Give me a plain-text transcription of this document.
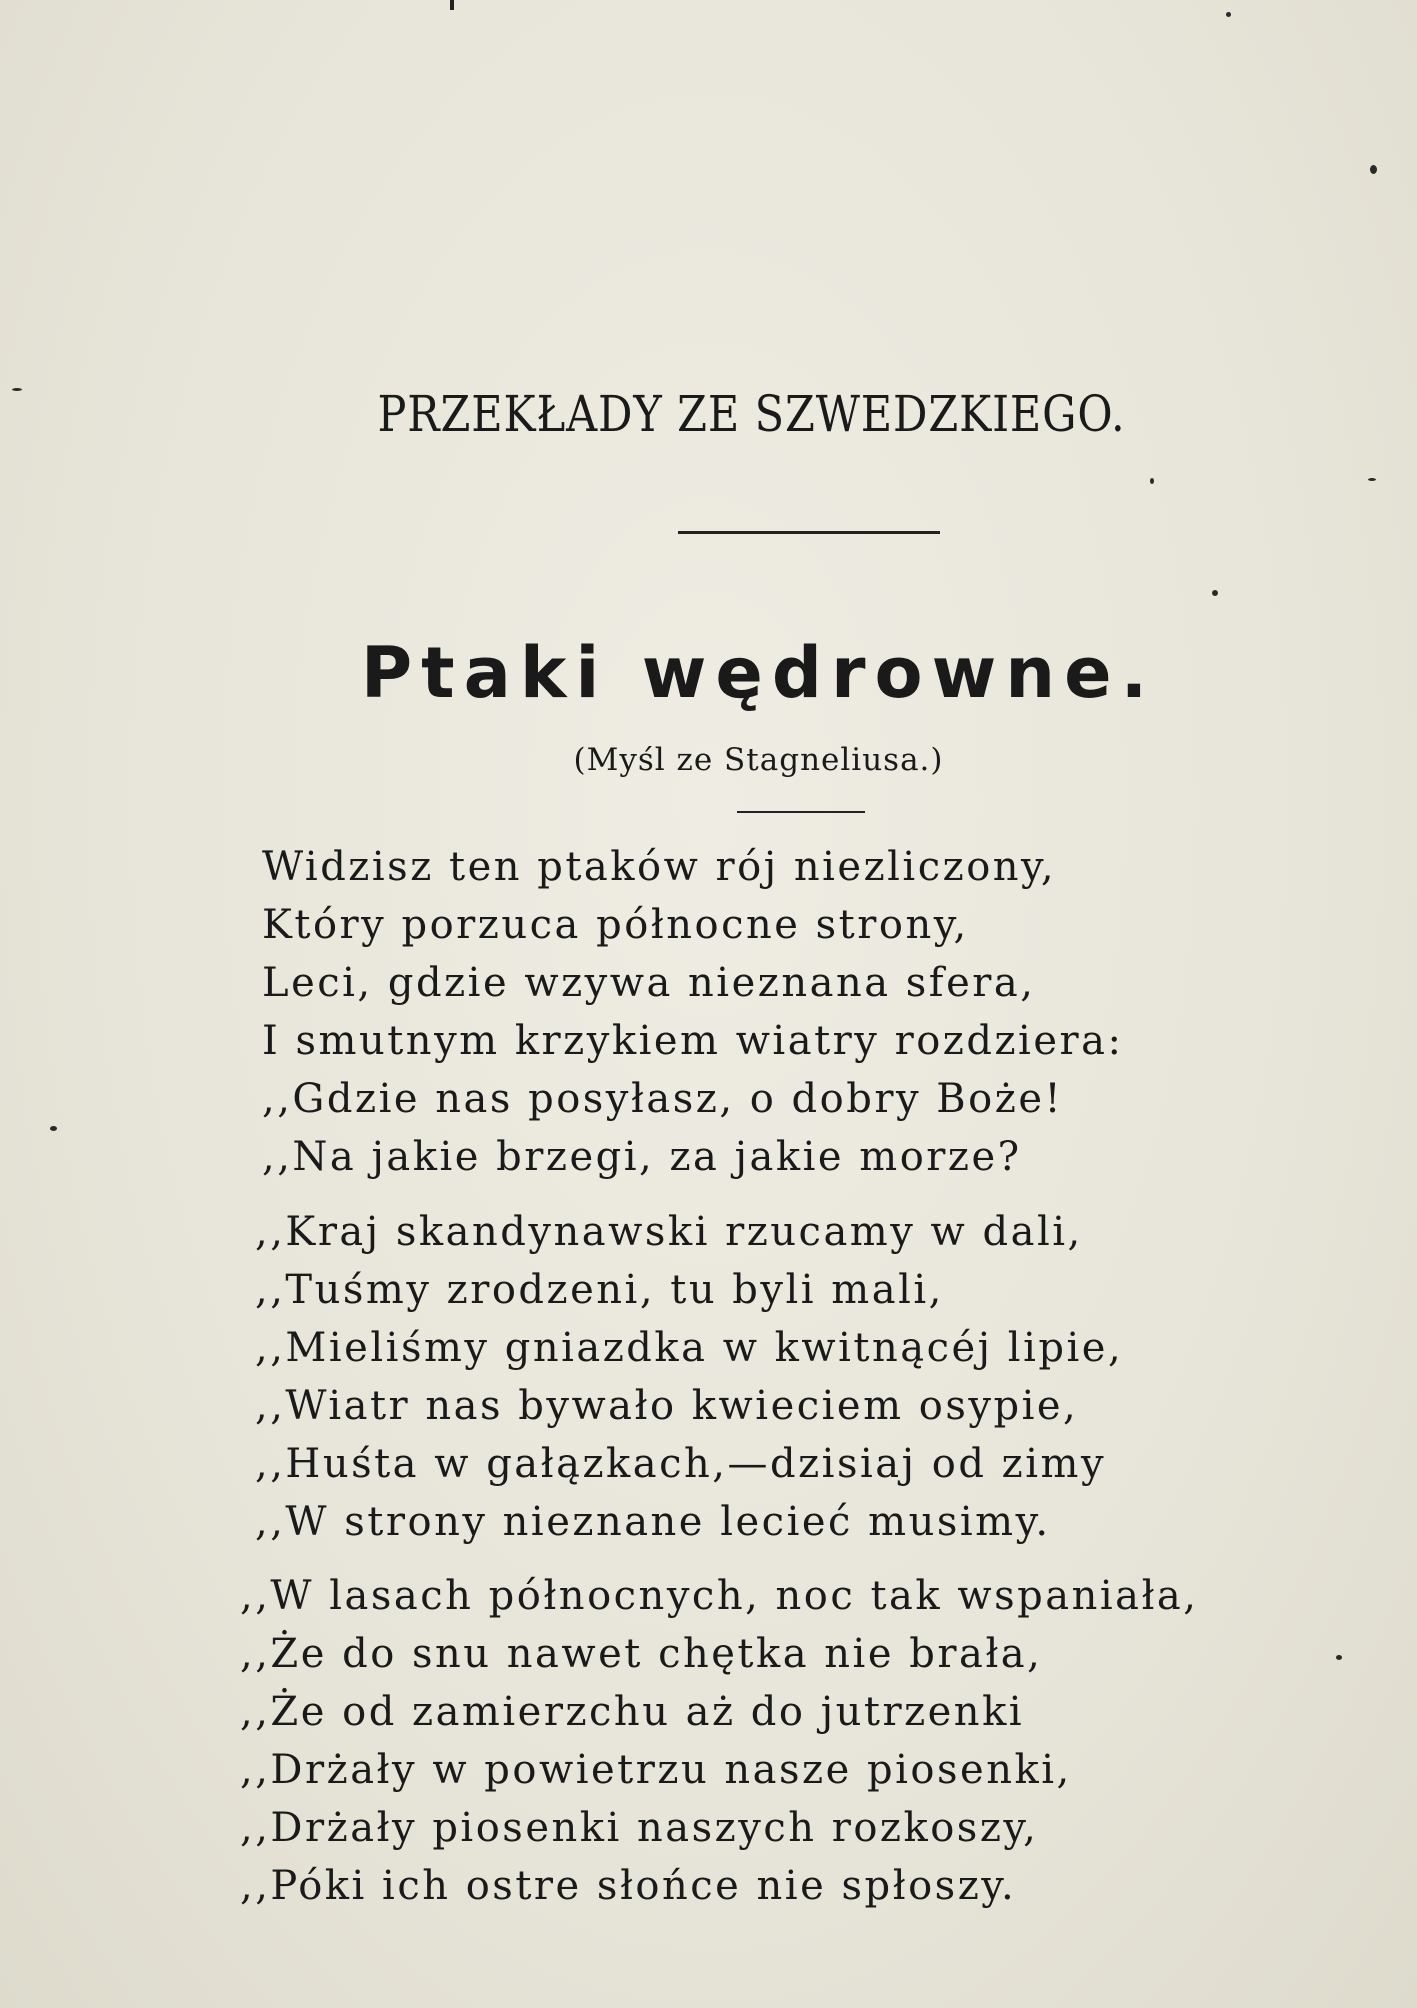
PRZEKŁADY ZE SZWEDZKIEGO.
Ptaki wędrowne.
(Myśl ze Stagneliusa.)
Widzisz ten ptaków rój niezliczony,
Który porzuca północne strony,
Leci, gdzie wzywa nieznana sfera,
I smutnym krzykiem wiatry rozdziera:
,,Gdzie nas posyłasz, o dobry Boże!
,,Na jakie brzegi, za jakie morze?
,,Kraj skandynawski rzucamy w dali,
,,Tuśmy zrodzeni, tu byli mali,
,,Mieliśmy gniazdka w kwitnącéj lipie,
,,Wiatr nas bywało kwieciem osypie,
,,Huśta w gałązkach,—dzisiaj od zimy
,,W strony nieznane lecieć musimy.
,,W lasach północnych, noc tak wspaniała,
,,Że do snu nawet chętka nie brała,
,,Że od zamierzchu aż do jutrzenki
,,Drżały w powietrzu nasze piosenki,
,,Drżały piosenki naszych rozkoszy,
,,Póki ich ostre słońce nie spłoszy.
